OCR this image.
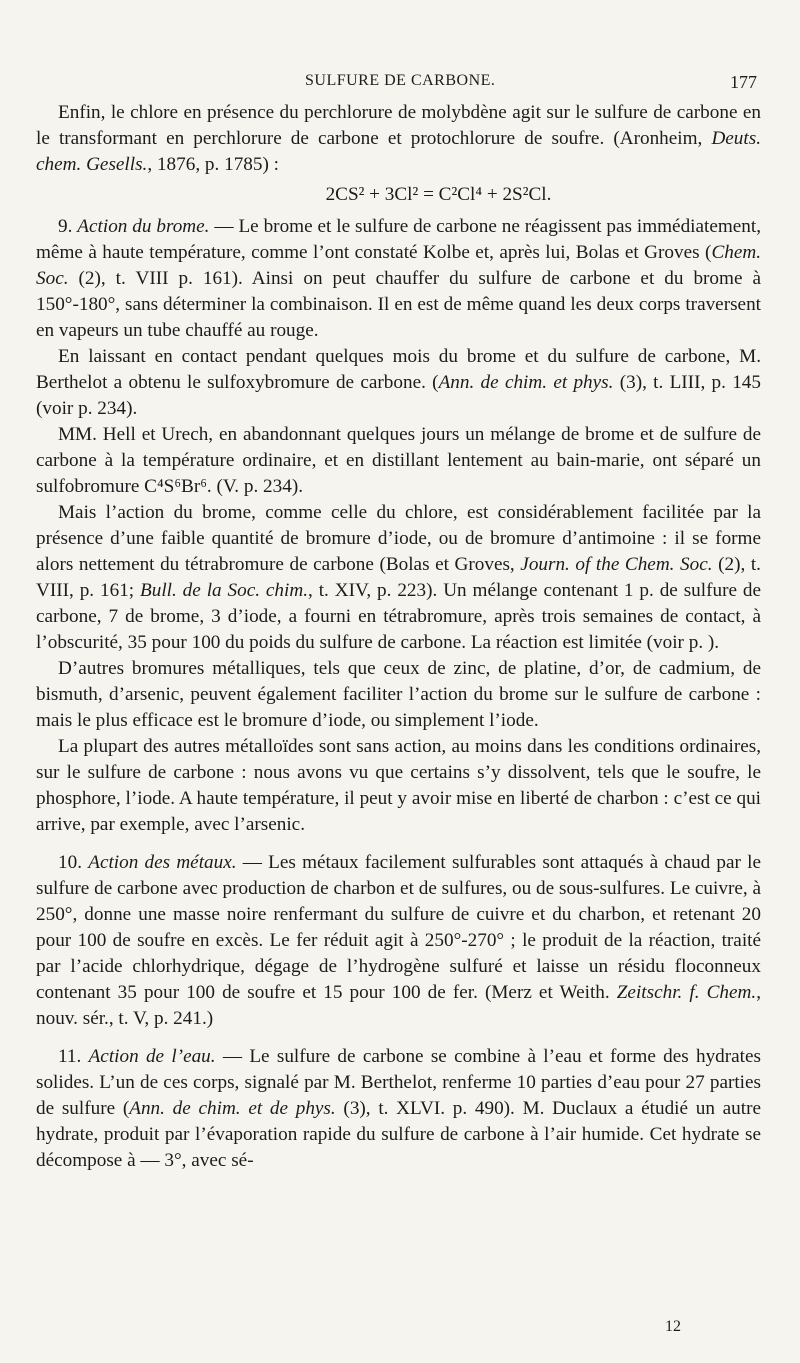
SULFURE DE CARBONE.	177

Enfin, le chlore en présence du perchlorure de molybdène agit sur le sulfure de carbone en le transformant en perchlorure de carbone et protochlorure de soufre. (Aronheim, Deuts. chem. Gesells., 1876, p. 1785) :

2CS² + 3Cl² = C²Cl⁴ + 2S²Cl.

9. Action du brome. — Le brome et le sulfure de carbone ne réagissent pas immédiatement, même à haute température, comme l’ont constaté Kolbe et, après lui, Bolas et Groves (Chem. Soc. (2), t. VIII p. 161). Ainsi on peut chauffer du sulfure de carbone et du brome à 150°-180°, sans déterminer la combinaison. Il en est de même quand les deux corps traversent en vapeurs un tube chauffé au rouge.

En laissant en contact pendant quelques mois du brome et du sulfure de carbone, M. Berthelot a obtenu le sulfoxybromure de carbone. (Ann. de chim. et phys. (3), t. LIII, p. 145 (voir p. 234).

MM. Hell et Urech, en abandonnant quelques jours un mélange de brome et de sulfure de carbone à la température ordinaire, et en distillant lentement au bain-marie, ont séparé un sulfobromure C⁴S⁶Br⁶. (V. p. 234).

Mais l’action du brome, comme celle du chlore, est considérablement facilitée par la présence d’une faible quantité de bromure d’iode, ou de bromure d’antimoine : il se forme alors nettement du tétrabromure de carbone (Bolas et Groves, Journ. of the Chem. Soc. (2), t. VIII, p. 161; Bull. de la Soc. chim., t. XIV, p. 223). Un mélange contenant 1 p. de sulfure de carbone, 7 de brome, 3 d’iode, a fourni en tétrabromure, après trois semaines de contact, à l’obscurité, 35 pour 100 du poids du sulfure de carbone. La réaction est limitée (voir p. ).

D’autres bromures métalliques, tels que ceux de zinc, de platine, d’or, de cadmium, de bismuth, d’arsenic, peuvent également faciliter l’action du brome sur le sulfure de carbone : mais le plus efficace est le bromure d’iode, ou simplement l’iode.

La plupart des autres métalloïdes sont sans action, au moins dans les conditions ordinaires, sur le sulfure de carbone : nous avons vu que certains s’y dissolvent, tels que le soufre, le phosphore, l’iode. A haute température, il peut y avoir mise en liberté de charbon : c’est ce qui arrive, par exemple, avec l’arsenic.

10. Action des métaux. — Les métaux facilement sulfurables sont attaqués à chaud par le sulfure de carbone avec production de charbon et de sulfures, ou de sous-sulfures. Le cuivre, à 250°, donne une masse noire renfermant du sulfure de cuivre et du charbon, et retenant 20 pour 100 de soufre en excès. Le fer réduit agit à 250°-270° ; le produit de la réaction, traité par l’acide chlorhydrique, dégage de l’hydrogène sulfuré et laisse un résidu floconneux contenant 35 pour 100 de soufre et 15 pour 100 de fer. (Merz et Weith. Zeitschr. f. Chem., nouv. sér., t. V, p. 241.)

11. Action de l’eau. — Le sulfure de carbone se combine à l’eau et forme des hydrates solides. L’un de ces corps, signalé par M. Berthelot, renferme 10 parties d’eau pour 27 parties de sulfure (Ann. de chim. et de phys. (3), t. XLVI. p. 490). M. Duclaux a étudié un autre hydrate, produit par l’évaporation rapide du sulfure de carbone à l’air humide. Cet hydrate se décompose à — 3°, avec sé-

12
